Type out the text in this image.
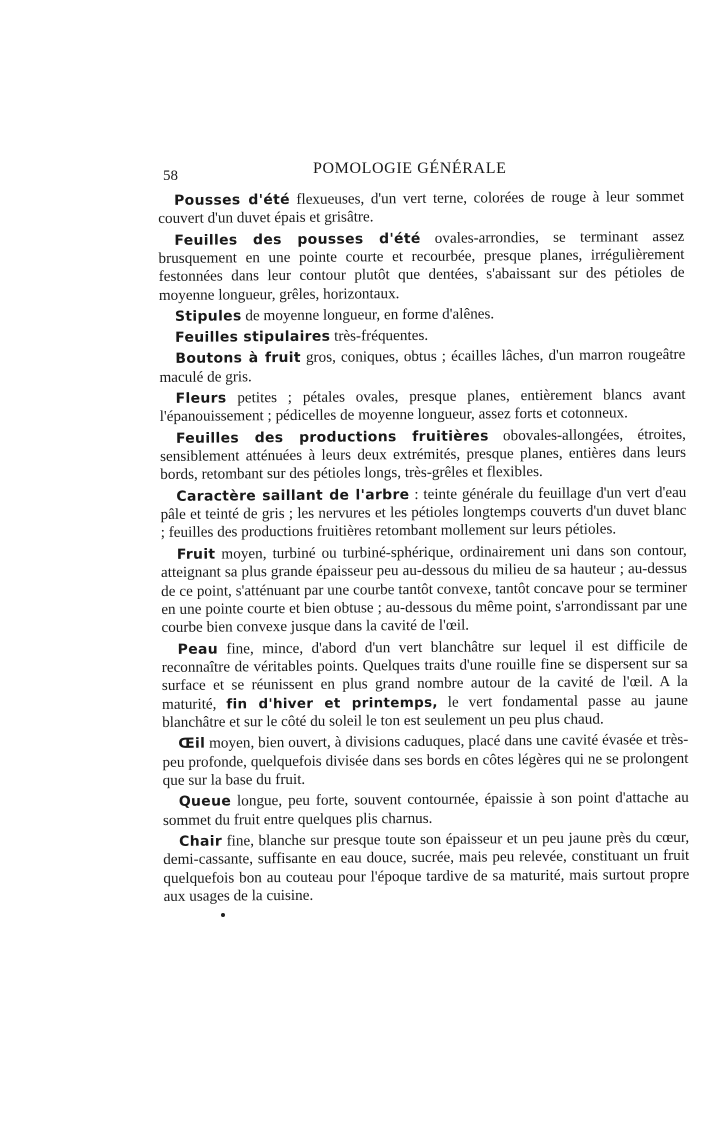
58	POMOLOGIE GÉNÉRALE

Pousses d'été flexueuses, d'un vert terne, colorées de rouge à leur sommet couvert d'un duvet épais et grisâtre.

Feuilles des pousses d'été ovales-arrondies, se terminant assez brusquement en une pointe courte et recourbée, presque planes, irrégulièrement festonnées dans leur contour plutôt que dentées, s'abaissant sur des pétioles de moyenne longueur, grêles, horizontaux.

Stipules de moyenne longueur, en forme d'alênes.

Feuilles stipulaires très-fréquentes.

Boutons à fruit gros, coniques, obtus ; écailles lâches, d'un marron rougeâtre maculé de gris.

Fleurs petites ; pétales ovales, presque planes, entièrement blancs avant l'épanouissement ; pédicelles de moyenne longueur, assez forts et cotonneux.

Feuilles des productions fruitières obovales-allongées, étroites, sensiblement atténuées à leurs deux extrémités, presque planes, entières dans leurs bords, retombant sur des pétioles longs, très-grêles et flexibles.

Caractère saillant de l'arbre : teinte générale du feuillage d'un vert d'eau pâle et teinté de gris ; les nervures et les pétioles longtemps couverts d'un duvet blanc ; feuilles des productions fruitières retombant mollement sur leurs pétioles.

Fruit moyen, turbiné ou turbiné-sphérique, ordinairement uni dans son contour, atteignant sa plus grande épaisseur peu au-dessous du milieu de sa hauteur ; au-dessus de ce point, s'atténuant par une courbe tantôt convexe, tantôt concave pour se terminer en une pointe courte et bien obtuse ; au-dessous du même point, s'arrondissant par une courbe bien convexe jusque dans la cavité de l'œil.

Peau fine, mince, d'abord d'un vert blanchâtre sur lequel il est difficile de reconnaître de véritables points. Quelques traits d'une rouille fine se dispersent sur sa surface et se réunissent en plus grand nombre autour de la cavité de l'œil. A la maturité, fin d'hiver et printemps, le vert fondamental passe au jaune blanchâtre et sur le côté du soleil le ton est seulement un peu plus chaud.

Œil moyen, bien ouvert, à divisions caduques, placé dans une cavité évasée et très-peu profonde, quelquefois divisée dans ses bords en côtes légères qui ne se prolongent que sur la base du fruit.

Queue longue, peu forte, souvent contournée, épaissie à son point d'attache au sommet du fruit entre quelques plis charnus.

Chair fine, blanche sur presque toute son épaisseur et un peu jaune près du cœur, demi-cassante, suffisante en eau douce, sucrée, mais peu relevée, constituant un fruit quelquefois bon au couteau pour l'époque tardive de sa maturité, mais surtout propre aux usages de la cuisine.
